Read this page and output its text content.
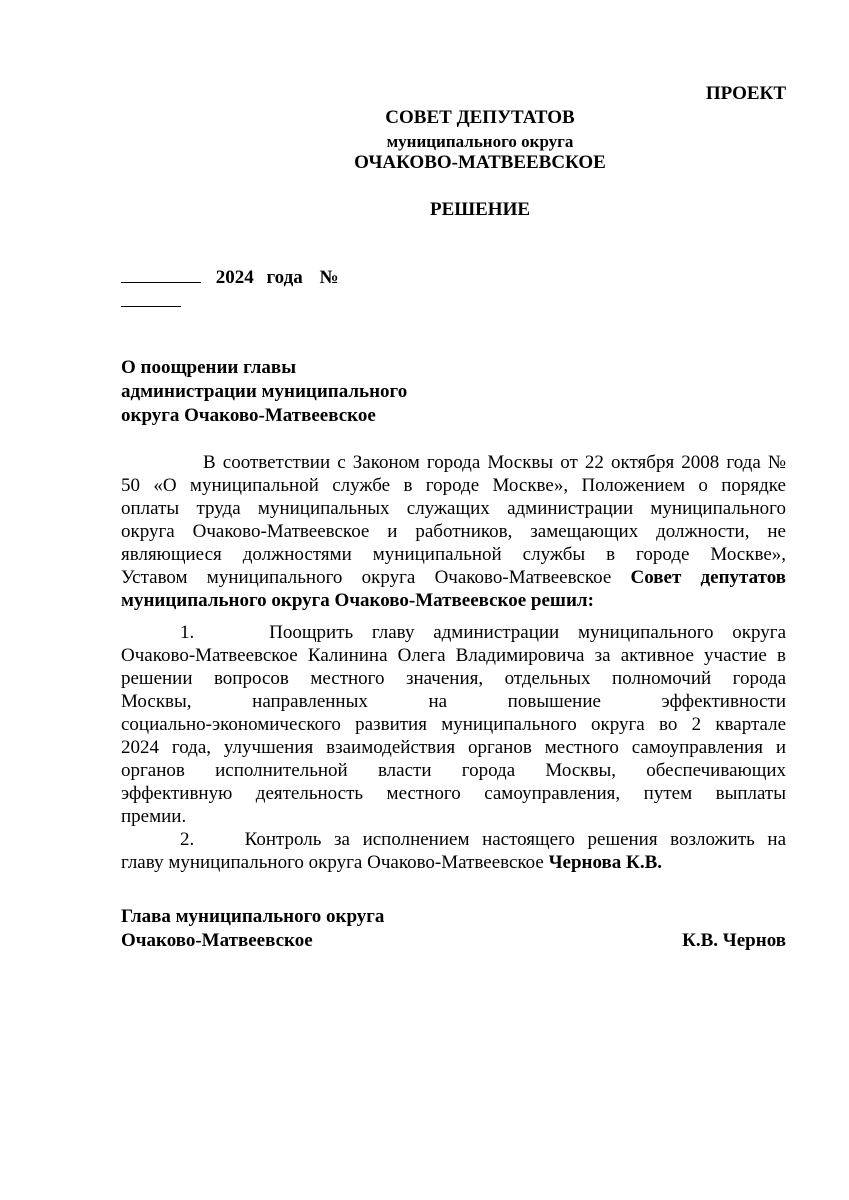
ПРОЕКТ
СОВЕТ ДЕПУТАТОВ
муниципального округа
ОЧАКОВО-МАТВЕЕВСКОЕ
РЕШЕНИЕ
2024 года №
О поощрении главы
администрации муниципального
округа Очаково-Матвеевское
В соответствии с Законом города Москвы от 22 октября 2008 года №
50 «О муниципальной службе в городе Москве», Положением о порядке
оплаты труда муниципальных служащих администрации муниципального
округа Очаково-Матвеевское и работников, замещающих должности, не
являющиеся должностями муниципальной службы в городе Москве»,
Уставом муниципального округа Очаково-Матвеевское Совет депутатов
муниципального округа Очаково-Матвеевское решил:
1.    Поощрить главу администрации муниципального округа
Очаково-Матвеевское Калинина Олега Владимировича за активное участие в
решении вопросов местного значения, отдельных полномочий города
Москвы, направленных на повышение эффективности
социально-экономического развития муниципального округа во 2 квартале
2024 года, улучшения взаимодействия органов местного самоуправления и
органов исполнительной власти города Москвы, обеспечивающих
эффективную деятельность местного самоуправления, путем выплаты
премии.
2.    Контроль за исполнением настоящего решения возложить на
главу муниципального округа Очаково-Матвеевское Чернова К.В.
Глава муниципального округа
Очаково-Матвеевское	К.В. Чернов
